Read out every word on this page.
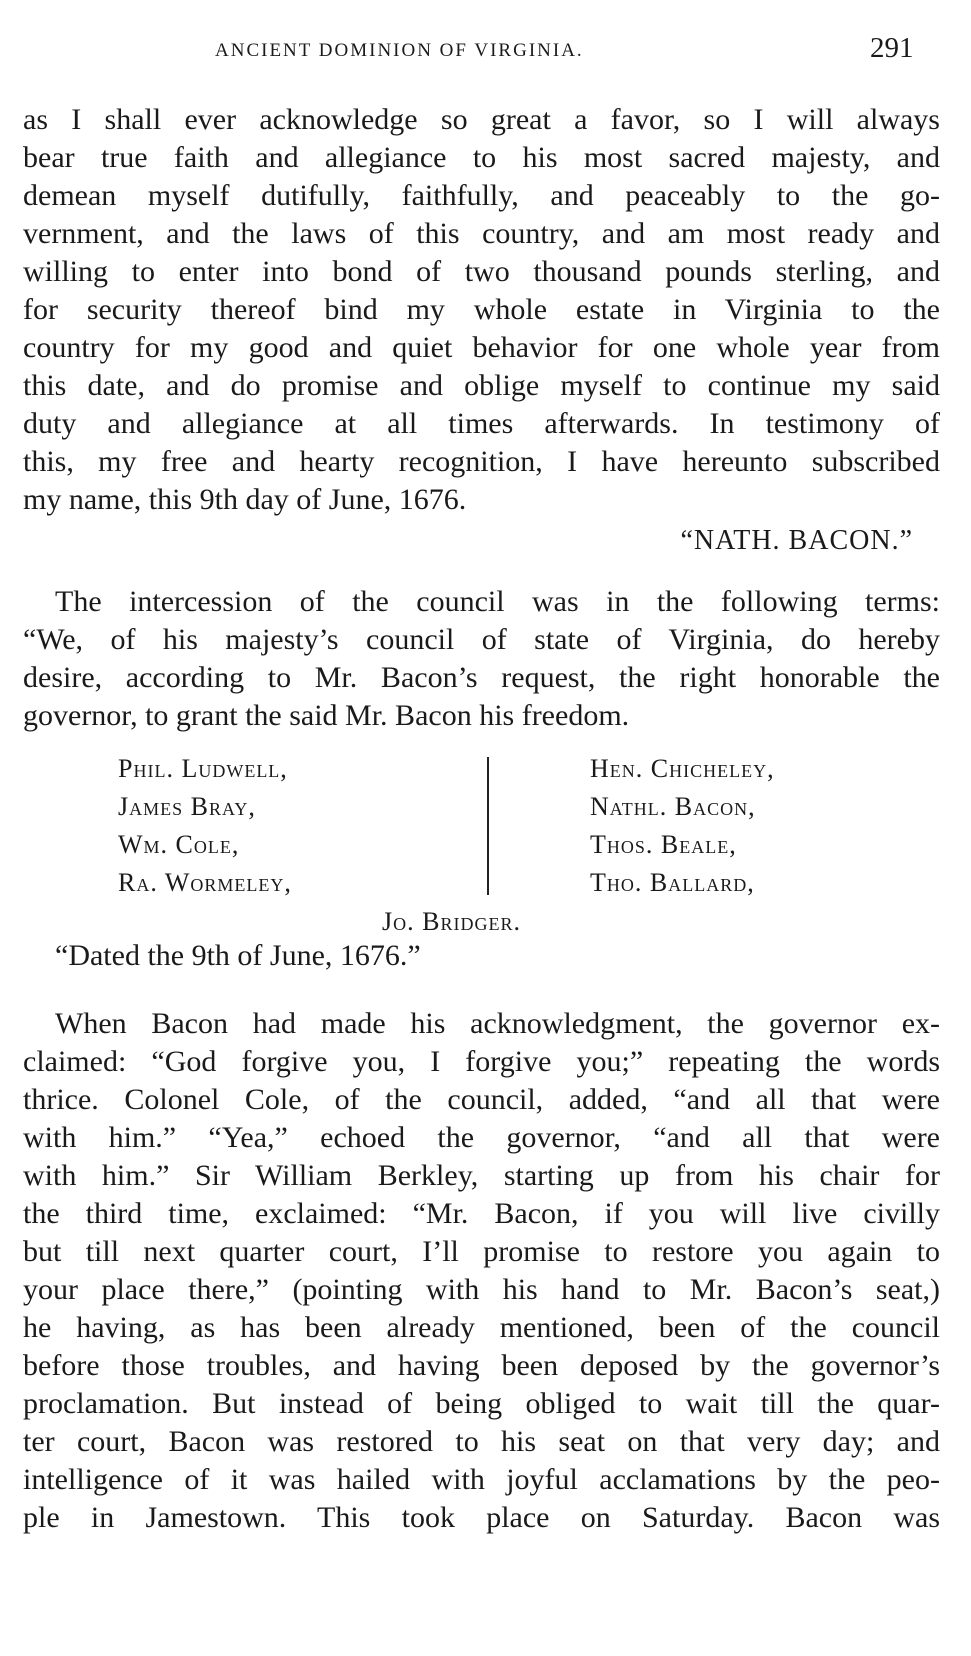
ANCIENT DOMINION OF VIRGINIA.	291
as I shall ever acknowledge so great a favor, so I will always
bear true faith and allegiance to his most sacred majesty, and
demean myself dutifully, faithfully, and peaceably to the go-
vernment, and the laws of this country, and am most ready and
willing to enter into bond of two thousand pounds sterling, and
for security thereof bind my whole estate in Virginia to the
country for my good and quiet behavior for one whole year from
this date, and do promise and oblige myself to continue my said
duty and allegiance at all times afterwards. In testimony of
this, my free and hearty recognition, I have hereunto subscribed
my name, this 9th day of June, 1676.
“NATH. BACON.”
The intercession of the council was in the following terms:
“We, of his majesty’s council of state of Virginia, do hereby
desire, according to Mr. Bacon’s request, the right honorable the
governor, to grant the said Mr. Bacon his freedom.
Phil. Ludwell,
James Bray,
Wm. Cole,
Ra. Wormeley,
Hen. Chicheley,
Nathl. Bacon,
Thos. Beale,
Tho. Ballard,
Jo. Bridger.
“Dated the 9th of June, 1676.”
When Bacon had made his acknowledgment, the governor ex-
claimed: “God forgive you, I forgive you;” repeating the words
thrice. Colonel Cole, of the council, added, “and all that were
with him.” “Yea,” echoed the governor, “and all that were
with him.” Sir William Berkley, starting up from his chair for
the third time, exclaimed: “Mr. Bacon, if you will live civilly
but till next quarter court, I’ll promise to restore you again to
your place there,” (pointing with his hand to Mr. Bacon’s seat,)
he having, as has been already mentioned, been of the council
before those troubles, and having been deposed by the governor’s
proclamation. But instead of being obliged to wait till the quar-
ter court, Bacon was restored to his seat on that very day; and
intelligence of it was hailed with joyful acclamations by the peo-
ple in Jamestown. This took place on Saturday. Bacon was
